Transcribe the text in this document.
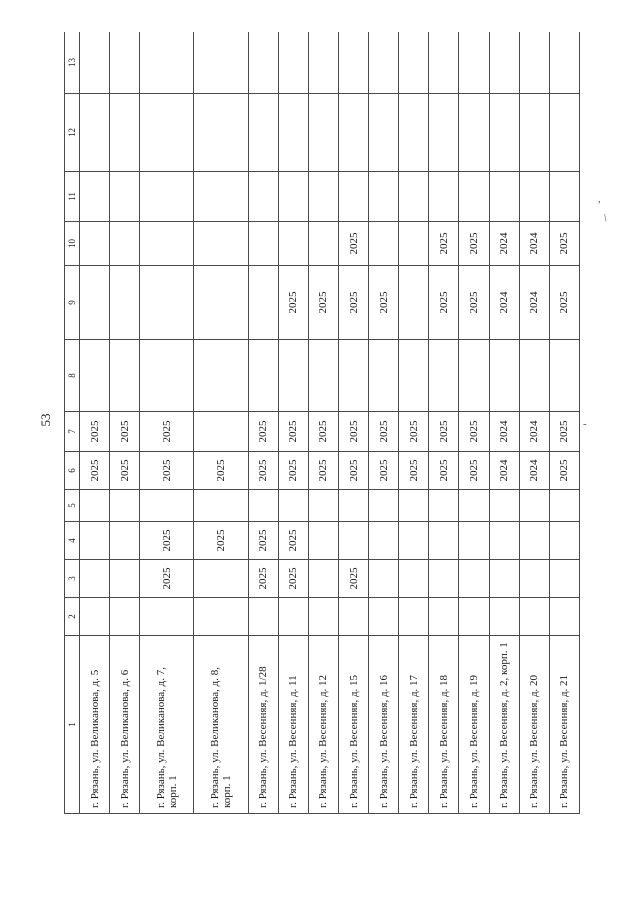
53
1	2	3	4	5	6	7	8	9	10	11	12	13
г. Рязань, ул. Великанова, д. 5					2025	2025						
г. Рязань, ул. Великанова, д. 6					2025	2025						
г. Рязань, ул. Великанова, д. 7, корп. 1		2025	2025		2025	2025						
г. Рязань, ул. Великанова, д. 8, корп. 1			2025		2025							
г. Рязань, ул. Весенняя, д. 1/28		2025	2025		2025	2025						
г. Рязань, ул. Весенняя, д. 11		2025	2025		2025	2025		2025				
г. Рязань, ул. Весенняя, д. 12					2025	2025		2025				
г. Рязань, ул. Весенняя, д. 15		2025			2025	2025		2025	2025			
г. Рязань, ул. Весенняя, д. 16					2025	2025		2025				
г. Рязань, ул. Весенняя, д. 17					2025	2025						
г. Рязань, ул. Весенняя, д. 18					2025	2025		2025	2025			
г. Рязань, ул. Весенняя, д. 19					2025	2025		2025	2025			
г. Рязань, ул. Весенняя, д. 2, корп. 1					2024	2024		2024	2024			
г. Рязань, ул. Весенняя, д. 20					2024	2024		2024	2024			
г. Рязань, ул. Весенняя, д. 21					2025	2025		2025	2025			
,
/
-
